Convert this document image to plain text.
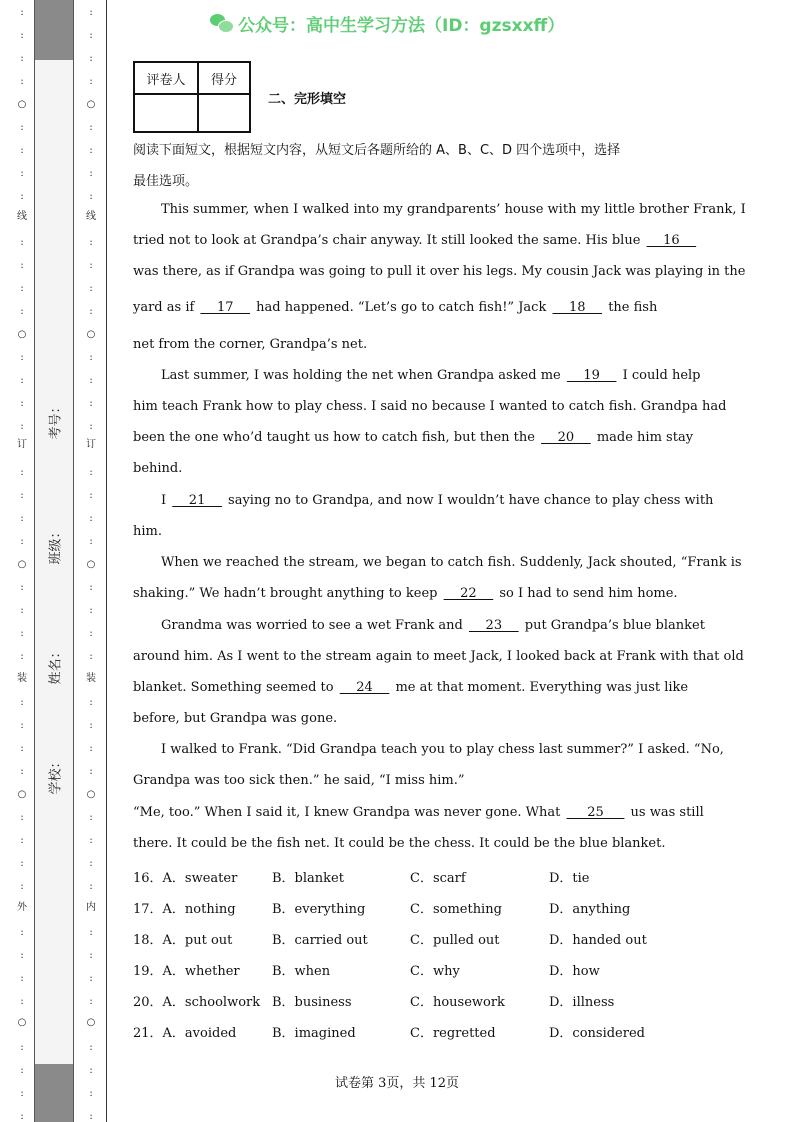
:
:
:
:
○
:
:
:
:
线
:
:
:
:
○
:
:
:
:
订
:
:
:
:
○
:
:
:
:
装
:
:
:
:
○
:
:
:
:
外
:
:
:
:
○
:
:
:
:
考号：
班级：
姓名：
学校：
:
:
:
:
○
:
:
:
:
线
:
:
:
:
○
:
:
:
:
订
:
:
:
:
○
:
:
:
:
装
:
:
:
:
○
:
:
:
:
内
:
:
:
:
○
:
:
:
:
公众号：高中生学习方法（ID：gzsxxff）
评卷人	得分

二、完形填空
阅读下面短文，根据短文内容，从短文后各题所给的 A、B、C、D 四个选项中，选择
最佳选项。
This summer, when I walked into my grandparents’ house with my little brother Frank, I
tried not to look at Grandpa’s chair anyway. It still looked the same. His blue     16
was there, as if Grandpa was going to pull it over his legs. My cousin Jack was playing in the
yard as if     17     had happened. “Let’s go to catch fish!” Jack     18     the fish
net from the corner, Grandpa’s net.
Last summer, I was holding the net when Grandpa asked me     19     I could help
him teach Frank how to play chess. I said no because I wanted to catch fish. Grandpa had
been the one who’d taught us how to catch fish, but then the     20     made him stay
behind.
I     21     saying no to Grandpa, and now I wouldn’t have chance to play chess with
him.
When we reached the stream, we began to catch fish. Suddenly, Jack shouted, “Frank is
shaking.” We hadn’t brought anything to keep     22     so I had to send him home.
Grandma was worried to see a wet Frank and     23     put Grandpa’s blue blanket
around him. As I went to the stream again to meet Jack, I looked back at Frank with that old
blanket. Something seemed to     24     me at that moment. Everything was just like
before, but Grandpa was gone.
I walked to Frank. “Did Grandpa teach you to play chess last summer?” I asked. “No,
Grandpa was too sick then.” he said, “I miss him.”
“Me, too.” When I said it, I knew Grandpa was never gone. What      25      us was still
there. It could be the fish net. It could be the chess. It could be the blue blanket.
16．A．sweater	B．blanket	C．scarf	D．tie
17．A．nothing	B．everything	C．something	D．anything
18．A．put out	B．carried out	C．pulled out	D．handed out
19．A．whether B．when	C．why	D．how
20．A．schoolwork B．business	C．housework	D．illness
21．A．avoided	B．imagined	C．regretted	D．considered
试卷第 3页，共 12页
